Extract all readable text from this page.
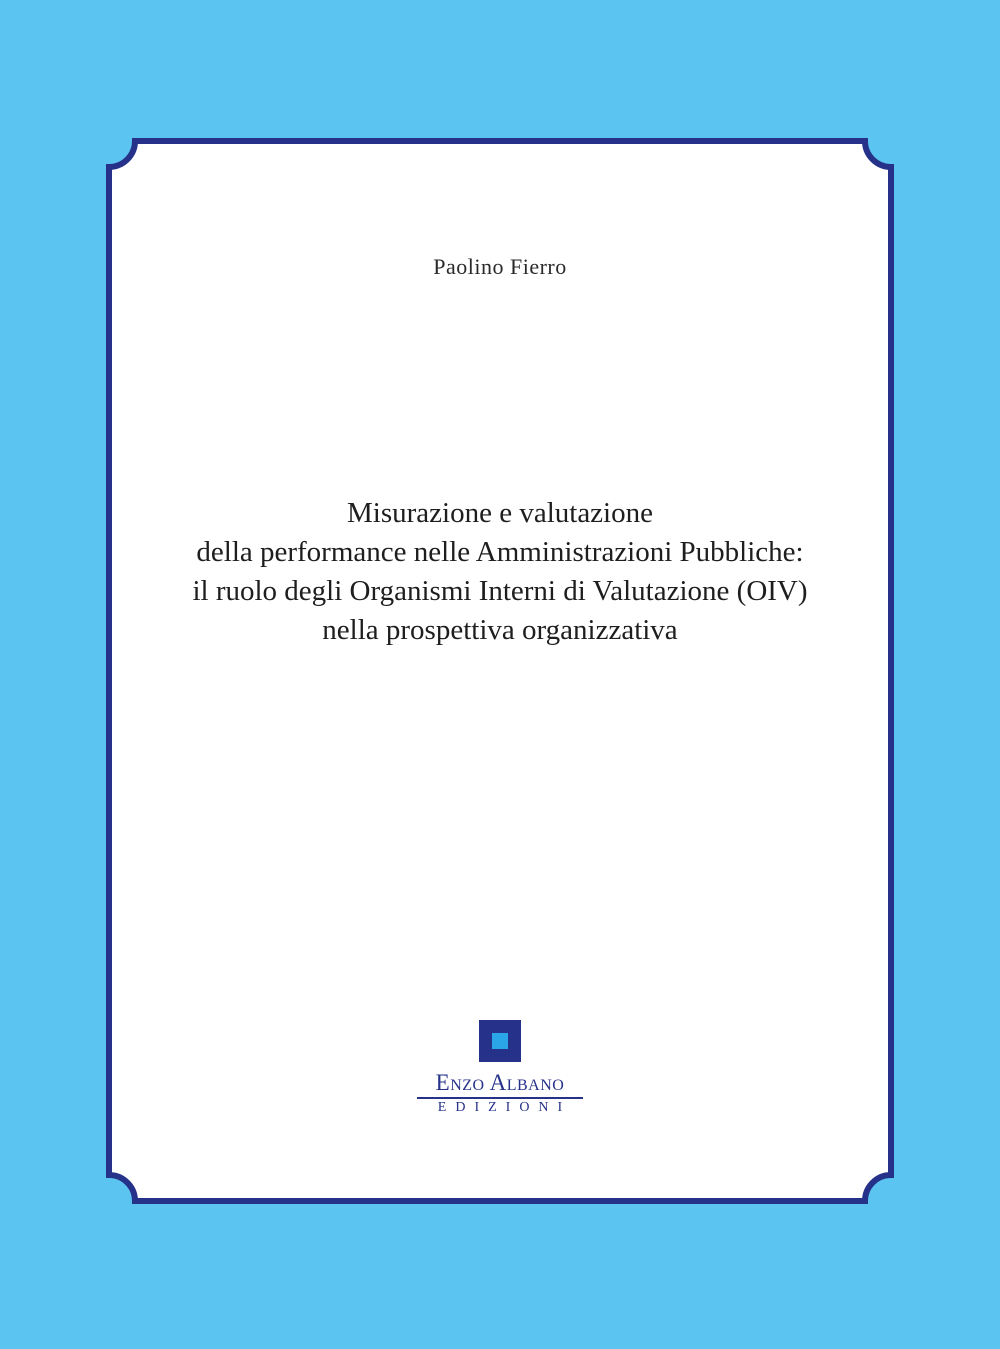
Paolino Fierro
Misurazione e valutazione
della performance nelle Amministrazioni Pubbliche:
il ruolo degli Organismi Interni di Valutazione (OIV)
nella prospettiva organizzativa
Enzo Albano
EDIZIONI
